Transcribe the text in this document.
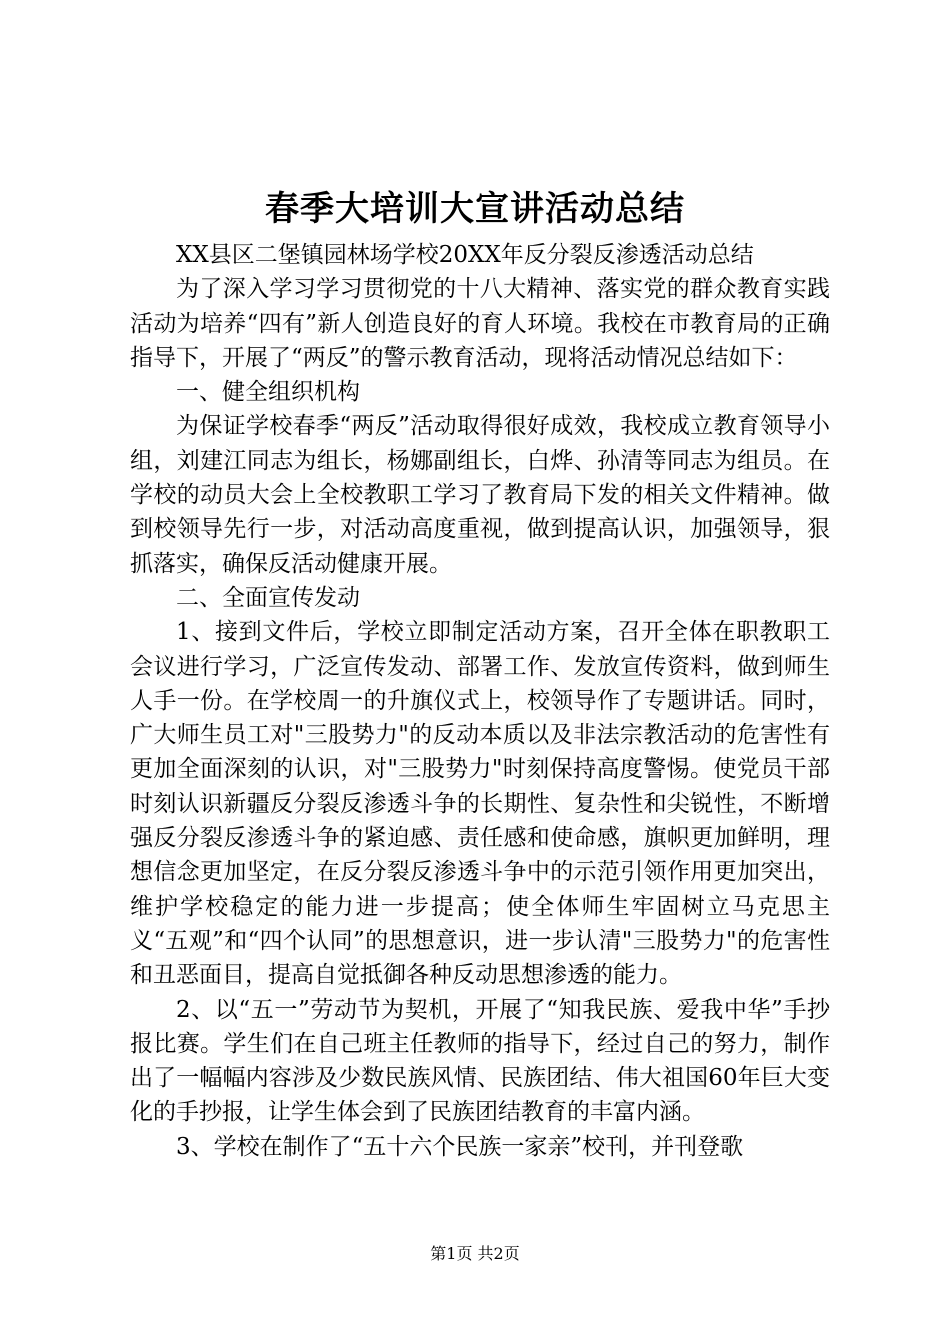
春季大培训大宣讲活动总结

XX县区二堡镇园林场学校20XX年反分裂反渗透活动总结

为了深入学习学习贯彻党的十八大精神、落实党的群众教育实践活动为培养“四有”新人创造良好的育人环境。我校在市教育局的正确指导下，开展了“两反”的警示教育活动，现将活动情况总结如下：

一、健全组织机构

为保证学校春季“两反”活动取得很好成效，我校成立教育领导小组，刘建江同志为组长，杨娜副组长，白烨、孙清等同志为组员。在学校的动员大会上全校教职工学习了教育局下发的相关文件精神。做到校领导先行一步，对活动高度重视，做到提高认识，加强领导，狠抓落实，确保反活动健康开展。

二、全面宣传发动

1、接到文件后，学校立即制定活动方案，召开全体在职教职工会议进行学习，广泛宣传发动、部署工作、发放宣传资料，做到师生人手一份。在学校周一的升旗仪式上，校领导作了专题讲话。同时，广大师生员工对"三股势力"的反动本质以及非法宗教活动的危害性有更加全面深刻的认识，对"三股势力"时刻保持高度警惕。使党员干部时刻认识新疆反分裂反渗透斗争的长期性、复杂性和尖锐性，不断增强反分裂反渗透斗争的紧迫感、责任感和使命感，旗帜更加鲜明，理想信念更加坚定，在反分裂反渗透斗争中的示范引领作用更加突出，维护学校稳定的能力进一步提高；使全体师生牢固树立马克思主义“五观”和“四个认同”的思想意识，进一步认清"三股势力"的危害性和丑恶面目，提高自觉抵御各种反动思想渗透的能力。

2、以“五一”劳动节为契机，开展了“知我民族、爱我中华”手抄报比赛。学生们在自己班主任教师的指导下，经过自己的努力，制作出了一幅幅内容涉及少数民族风情、民族团结、伟大祖国60年巨大变化的手抄报，让学生体会到了民族团结教育的丰富内涵。

3、学校在制作了“五十六个民族一家亲”校刊，并刊登歌

第1页 共2页
